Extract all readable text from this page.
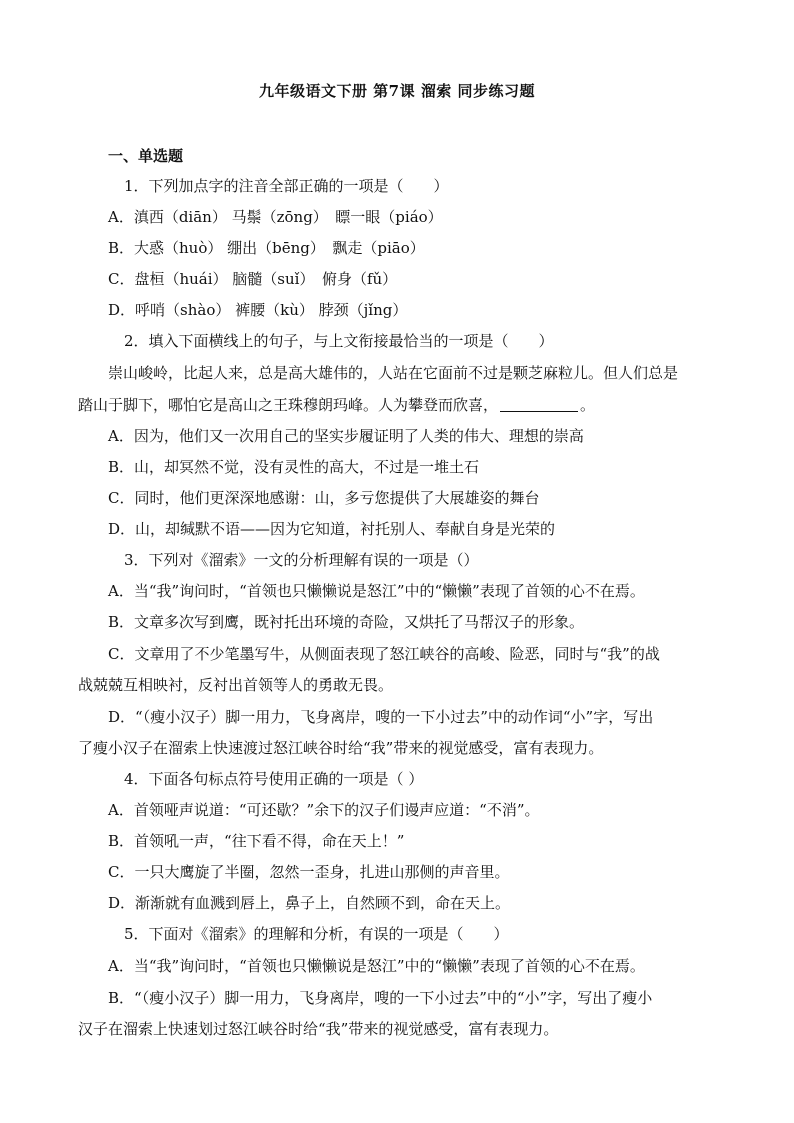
九年级语文下册 第7课 溜索 同步练习题
一、单选题
1．下列加点字的注音全部正确的一项是（　　）
A．滇西（diān） 马鬃（zōng）　瞟一眼（piáo）
B．大惑（huò） 绷出（bēng）　飘走（piāo）
C．盘桓（huái） 脑髓（suǐ）　俯身（fǔ）
D．呼哨（shào） 裤腰（kù） 脖颈（jǐng）
2．填入下面横线上的句子，与上文衔接最恰当的一项是（　　）
崇山峻岭，比起人来，总是高大雄伟的，人站在它面前不过是颗芝麻粒儿。但人们总是
踏山于脚下，哪怕它是高山之王珠穆朗玛峰。人为攀登而欣喜，	。
A．因为，他们又一次用自己的坚实步履证明了人类的伟大、理想的崇高
B．山，却冥然不觉，没有灵性的高大，不过是一堆土石
C．同时，他们更深深地感谢：山，多亏您提供了大展雄姿的舞台
D．山，却缄默不语——因为它知道，衬托别人、奉献自身是光荣的
3．下列对《溜索》一文的分析理解有误的一项是（）
A．当“我”询问时，“首领也只懒懒说是怒江”中的“懒懒”表现了首领的心不在焉。
B．文章多次写到鹰，既衬托出环境的奇险，又烘托了马帮汉子的形象。
C．文章用了不少笔墨写牛，从侧面表现了怒江峡谷的高峻、险恶，同时与“我”的战
战兢兢互相映衬，反衬出首领等人的勇敢无畏。
D．“（瘦小汉子）脚一用力，飞身离岸，嗖的一下小过去”中的动作词“小”字，写出
了瘦小汉子在溜索上快速渡过怒江峡谷时给“我”带来的视觉感受，富有表现力。
4．下面各句标点符号使用正确的一项是（ ）
A．首领哑声说道：“可还歇？”余下的汉子们谩声应道：“不消”。
B．首领吼一声，“往下看不得，命在天上！”
C．一只大鹰旋了半圈，忽然一歪身，扎进山那侧的声音里。
D．渐渐就有血溅到唇上，鼻子上，自然顾不到，命在天上。
5．下面对《溜索》的理解和分析，有误的一项是（　　）
A．当“我”询问时，“首领也只懒懒说是怒江”中的“懒懒”表现了首领的心不在焉。
B．“（瘦小汉子）脚一用力，飞身离岸，嗖的一下小过去”中的“小”字，写出了瘦小
汉子在溜索上快速划过怒江峡谷时给“我”带来的视觉感受，富有表现力。
